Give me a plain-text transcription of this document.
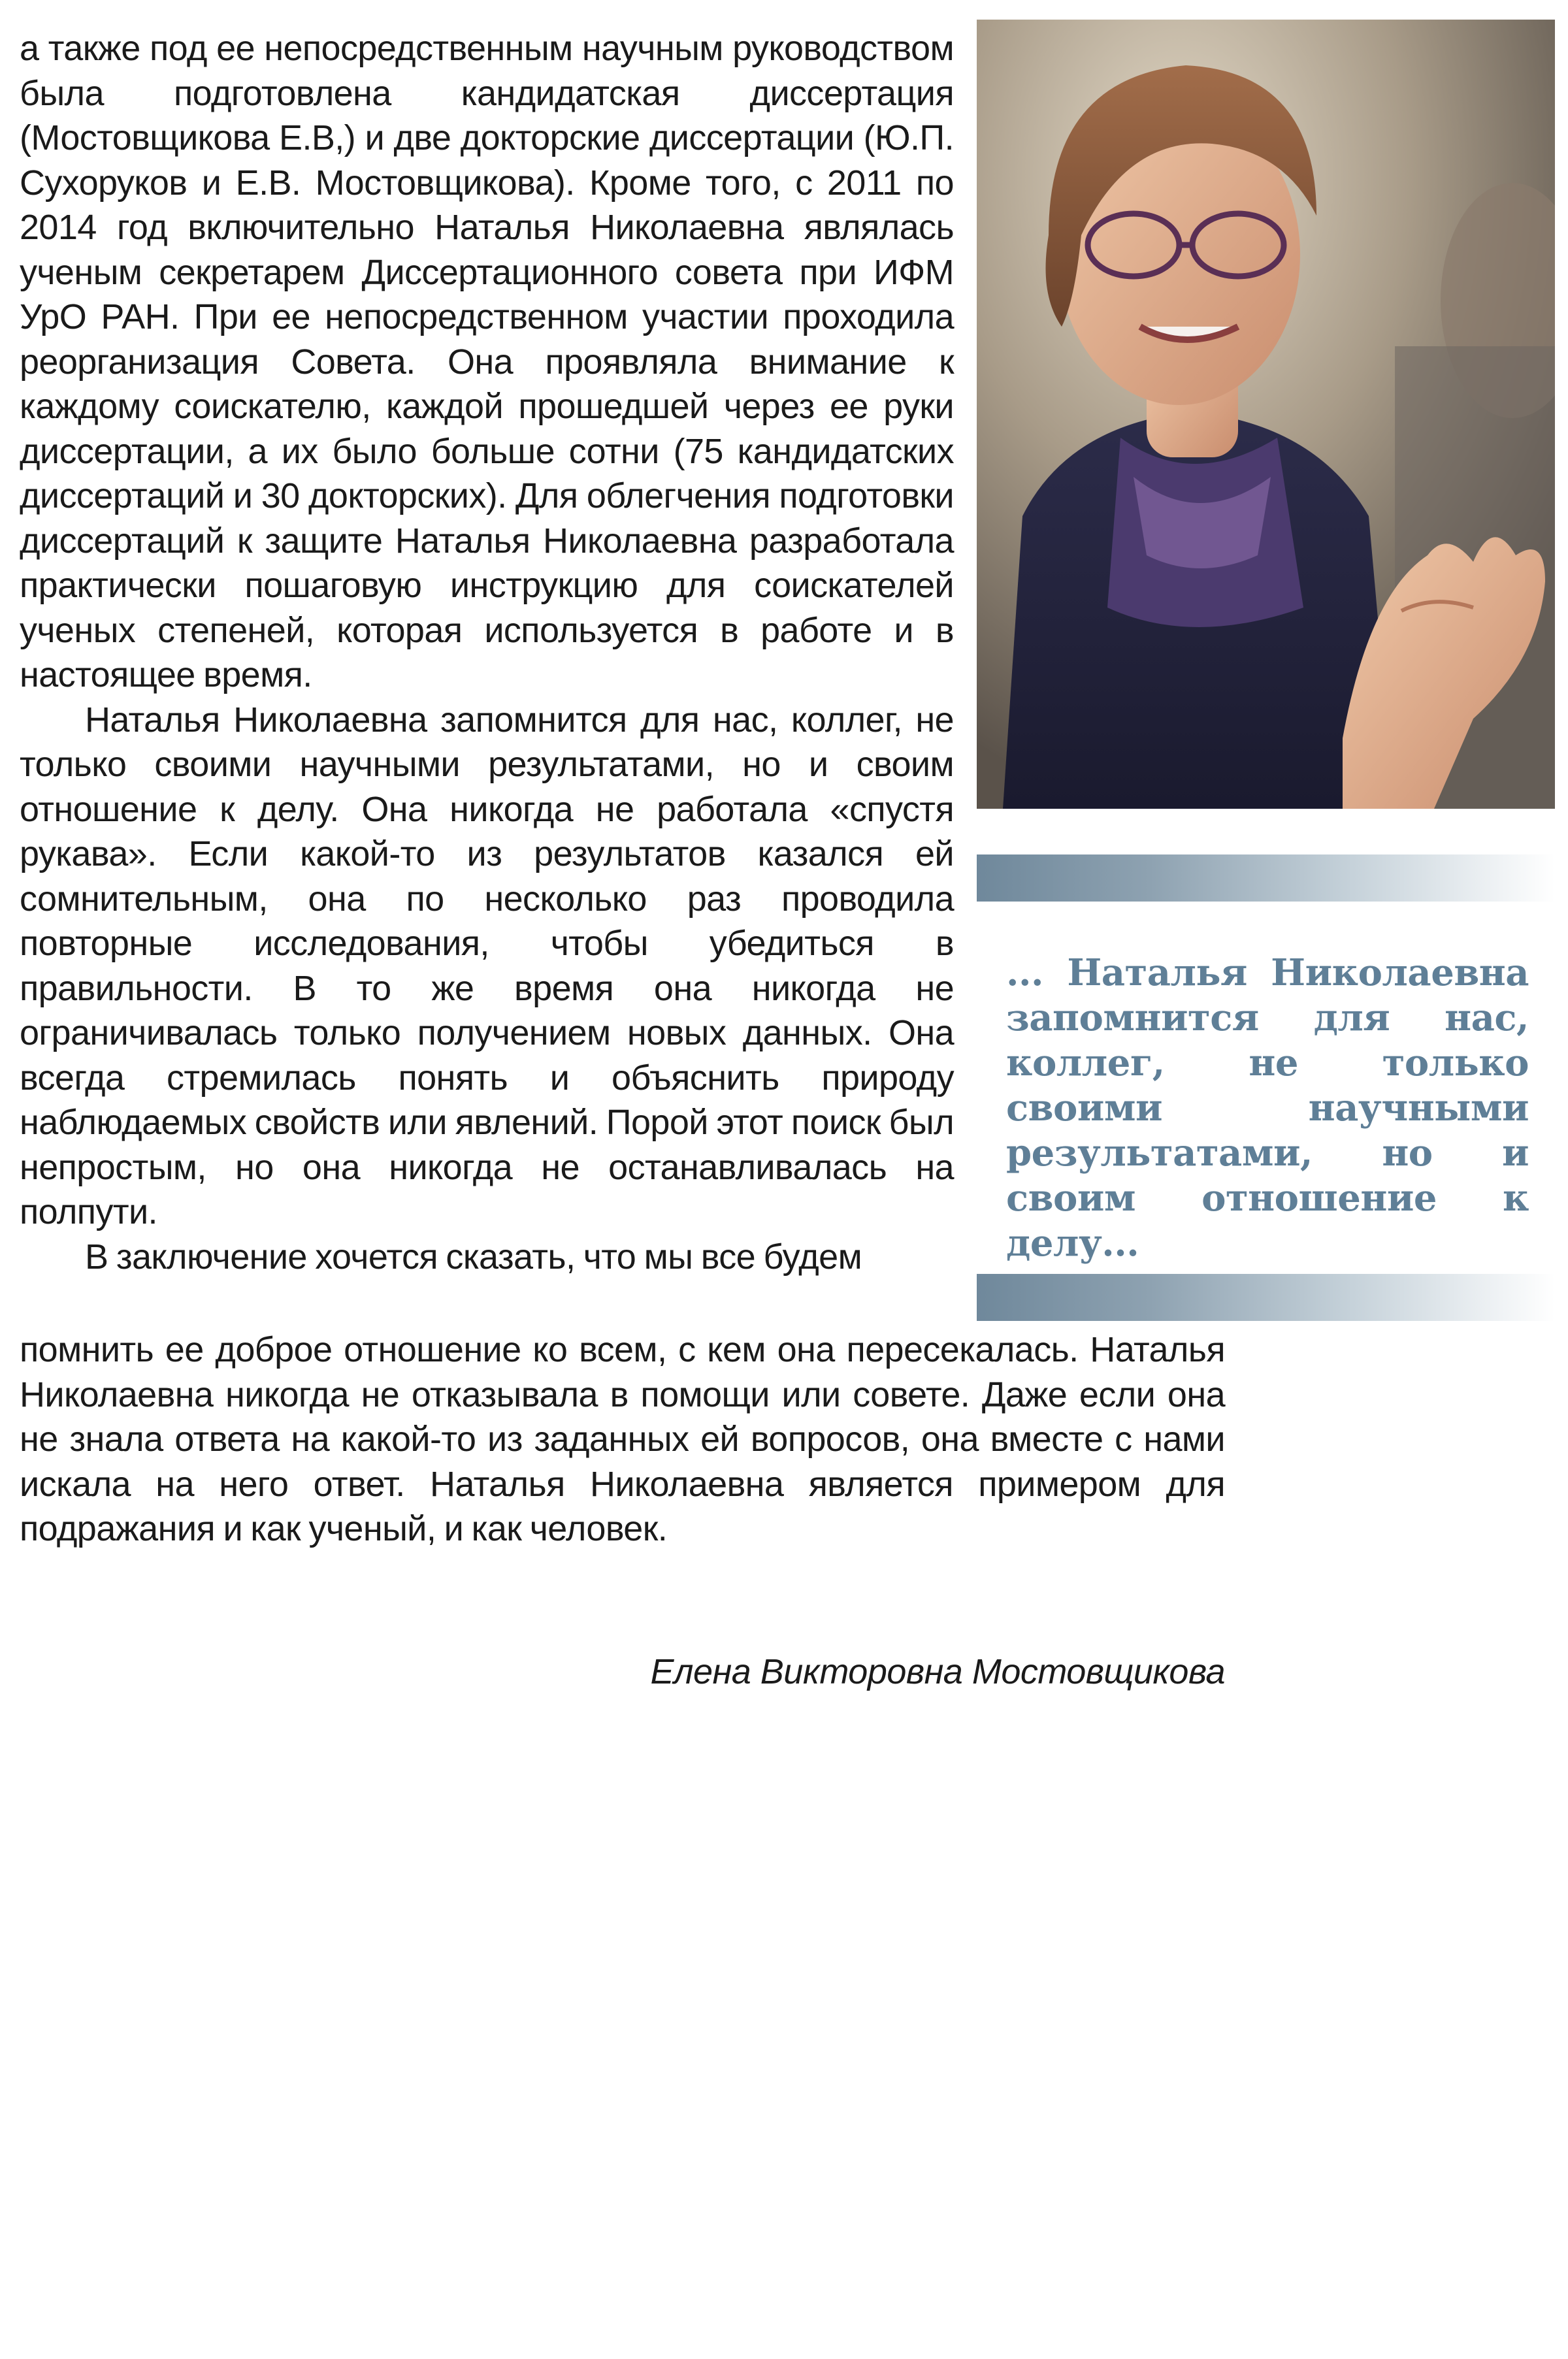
а также под ее непосредственным научным руководством была подготовлена кандидатская диссертация (Мостовщикова Е.В,) и две докторские диссертации (Ю.П. Сухоруков и Е.В. Мостовщикова). Кроме того, с 2011 по 2014 год включительно Наталья Николаевна являлась ученым секретарем Диссертационного совета при ИФМ УрО РАН. При ее непосредственном участии проходила реорганизация Совета. Она проявляла внимание к каждому соискателю, каждой прошедшей через ее руки диссертации, а их было больше сотни (75 кандидатских диссертаций и 30 докторских). Для облегчения подготовки диссертаций к защите Наталья Николаевна разработала практически пошаговую инструкцию для соискателей ученых степеней, которая используется в работе и в настоящее время.

Наталья Николаевна запомнится для нас, коллег, не только своими научными результатами, но и своим отношение к делу. Она никогда не работала «спустя рукава». Если какой-то из результатов казался ей сомнительным, она по несколько раз проводила повторные исследования, чтобы убедиться в правильности. В то же время она никогда не ограничивалась только получением новых данных. Она всегда стремилась понять и объяснить природу наблюдаемых свойств или явлений. Порой этот поиск был непростым, но она никогда не останавливалась на полпути.

В заключение хочется сказать, что мы все будем

помнить ее доброе отношение ко всем, с кем она пересекалась. Наталья Николаевна никогда не отказывала в помощи или совете. Даже если она не знала ответа на какой-то из заданных ей вопросов, она вместе с нами искала на него ответ. Наталья Николаевна является примером для подражания и как ученый, и как человек.

Елена Викторовна Мостовщикова
... Наталья Николаевна запомнится для нас, коллег, не только своими научными результатами, но и своим отношение к делу...
